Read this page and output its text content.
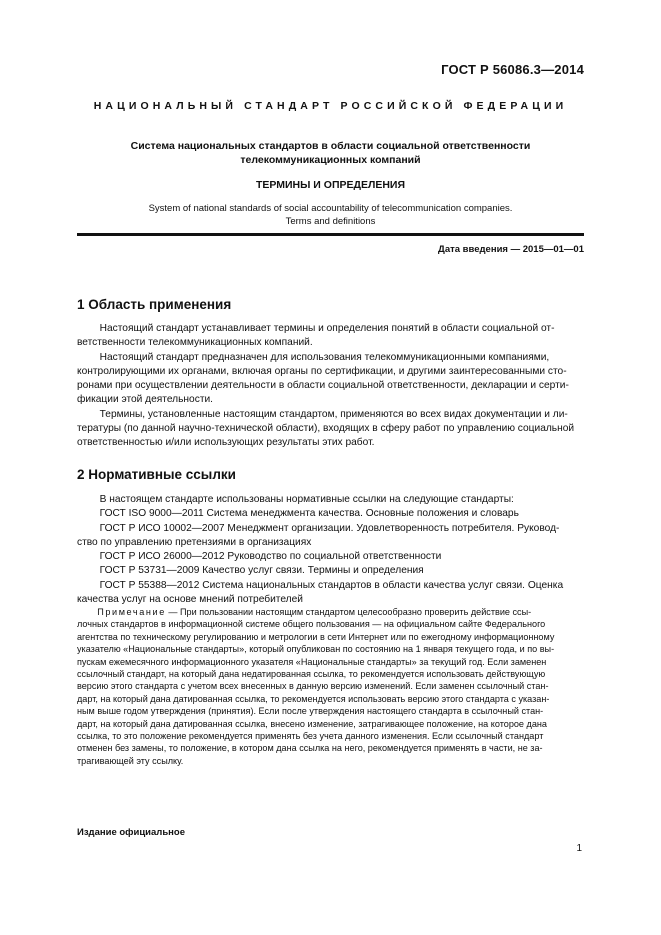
ГОСТ Р 56086.3—2014
НАЦИОНАЛЬНЫЙ СТАНДАРТ РОССИЙСКОЙ ФЕДЕРАЦИИ
Система национальных стандартов в области социальной ответственности
телекоммуникационных компаний
ТЕРМИНЫ И ОПРЕДЕЛЕНИЯ
System of national standards of social accountability of telecommunication companies.
Terms and definitions
Дата введения — 2015—01—01
1 Область применения
Настоящий стандарт устанавливает термины и определения понятий в области социальной от-
ветственности телекоммуникационных компаний.
Настоящий стандарт предназначен для использования телекоммуникационными компаниями,
контролирующими их органами, включая органы по сертификации, и другими заинтересованными сто-
ронами при осуществлении деятельности в области социальной ответственности, декларации и серти-
фикации этой деятельности.
Термины, установленные настоящим стандартом, применяются во всех видах документации и ли-
тературы (по данной научно-технической области), входящих в сферу работ по управлению социальной
ответственностью и/или использующих результаты этих работ.
2 Нормативные ссылки
В настоящем стандарте использованы нормативные ссылки на следующие стандарты:
ГОСТ ISO 9000—2011 Система менеджмента качества. Основные положения и словарь
ГОСТ Р ИСО 10002—2007 Менеджмент организации. Удовлетворенность потребителя. Руковод-
ство по управлению претензиями в организациях
ГОСТ Р ИСО 26000—2012 Руководство по социальной ответственности
ГОСТ Р 53731—2009 Качество услуг связи. Термины и определения
ГОСТ Р 55388—2012 Система национальных стандартов в области качества услуг связи. Оценка
качества услуг на основе мнений потребителей
Примечание — При пользовании настоящим стандартом целесообразно проверить действие ссы-
лочных стандартов в информационной системе общего пользования — на официальном сайте Федерального
агентства по техническому регулированию и метрологии в сети Интернет или по ежегодному информационному
указателю «Национальные стандарты», который опубликован по состоянию на 1 января текущего года, и по вы-
пускам ежемесячного информационного указателя «Национальные стандарты» за текущий год. Если заменен
ссылочный стандарт, на который дана недатированная ссылка, то рекомендуется использовать действующую
версию этого стандарта с учетом всех внесенных в данную версию изменений. Если заменен ссылочный стан-
дарт, на который дана датированная ссылка, то рекомендуется использовать версию этого стандарта с указан-
ным выше годом утверждения (принятия). Если после утверждения настоящего стандарта в ссылочный стан-
дарт, на который дана датированная ссылка, внесено изменение, затрагивающее положение, на которое дана
ссылка, то это положение рекомендуется применять без учета данного изменения. Если ссылочный стандарт
отменен без замены, то положение, в котором дана ссылка на него, рекомендуется применять в части, не за-
трагивающей эту ссылку.
Издание официальное
1
